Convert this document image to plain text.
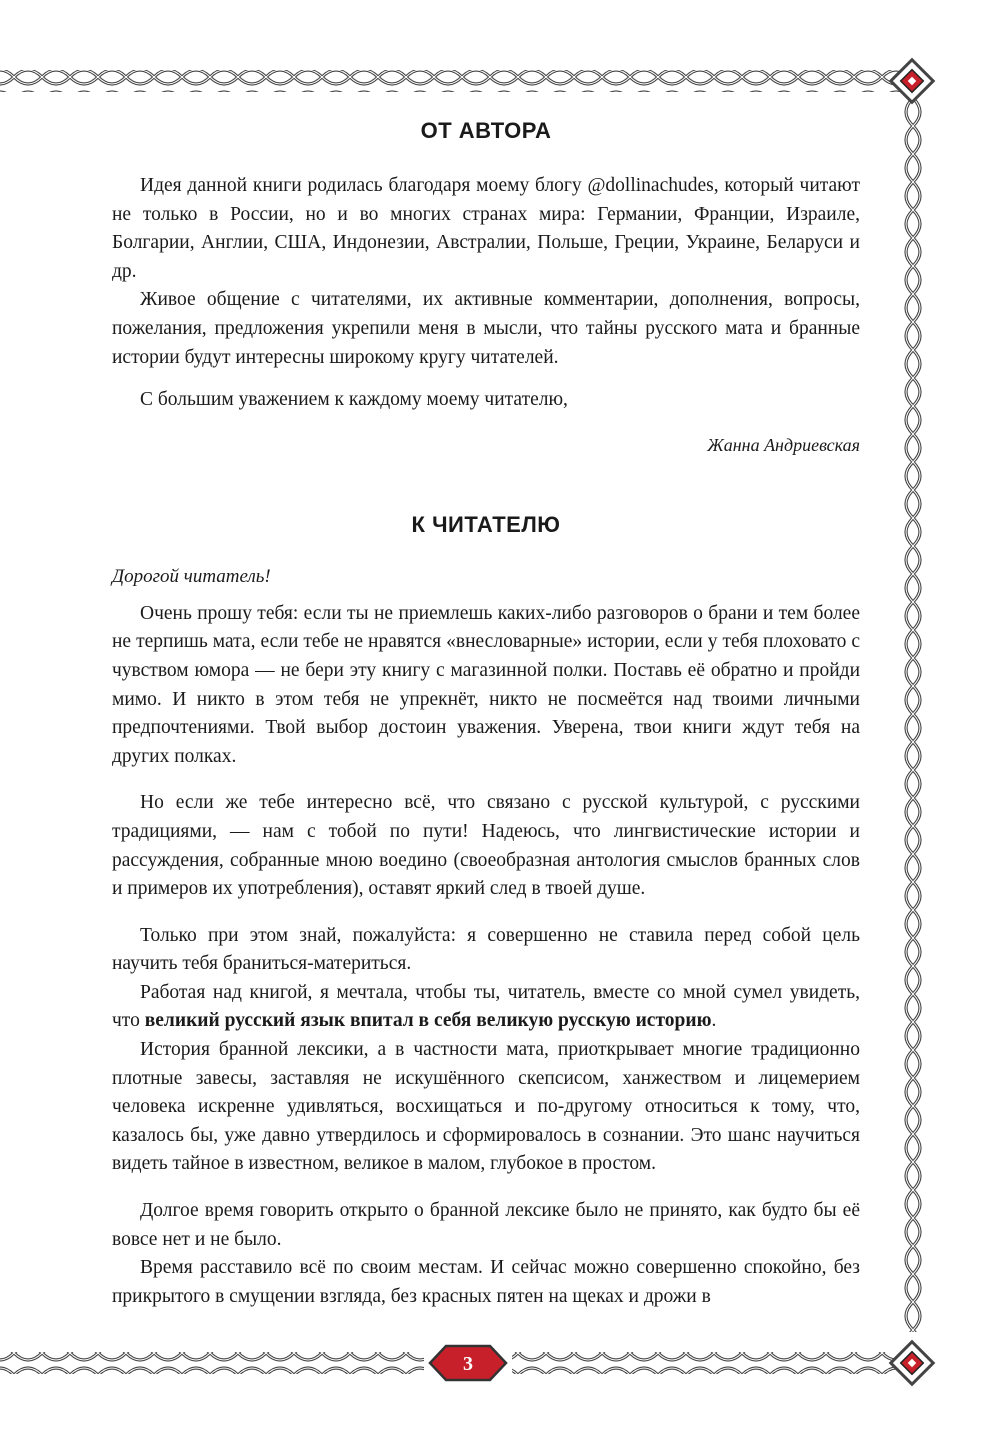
ОТ АВТОРА

Идея данной книги родилась благодаря моему блогу @dollinachudes, который читают не только в России, но и во многих странах мира: Германии, Франции, Израиле, Болгарии, Англии, США, Индонезии, Австралии, Польше, Греции, Украине, Беларуси и др.

Живое общение с читателями, их активные комментарии, дополнения, вопросы, пожелания, предложения укрепили меня в мысли, что тайны русского мата и бранные истории будут интересны широкому кругу читателей.

С большим уважением к каждому моему читателю,

Жанна Андриевская
К ЧИТАТЕЛЮ
Дорогой читатель!

Очень прошу тебя: если ты не приемлешь каких-либо разговоров о брани и тем более не терпишь мата, если тебе не нравятся «внесловарные» истории, если у тебя плоховато с чувством юмора — не бери эту книгу с магазинной полки. Поставь её обратно и пройди мимо. И никто в этом тебя не упрекнёт, никто не посмеётся над твоими личными предпочтениями. Твой выбор достоин уважения. Уверена, твои книги ждут тебя на других полках.

Но если же тебе интересно всё, что связано с русской культурой, с русскими традициями, — нам с тобой по пути! Надеюсь, что лингвистические истории и рассуждения, собранные мною воедино (своеобразная антология смыслов бранных слов и примеров их употребления), оставят яркий след в твоей душе.

Только при этом знай, пожалуйста: я совершенно не ставила перед собой цель научить тебя браниться-материться.

Работая над книгой, я мечтала, чтобы ты, читатель, вместе со мной сумел увидеть, что великий русский язык впитал в себя великую русскую историю.

История бранной лексики, а в частности мата, приоткрывает многие традиционно плотные завесы, заставляя не искушённого скепсисом, ханжеством и лицемерием человека искренне удивляться, восхищаться и по-другому относиться к тому, что, казалось бы, уже давно утвердилось и сформировалось в сознании. Это шанс научиться видеть тайное в известном, великое в малом, глубокое в простом.

Долгое время говорить открыто о бранной лексике было не принято, как будто бы её вовсе нет и не было.

Время расставило всё по своим местам. И сейчас можно совершенно спокойно, без прикрытого в смущении взгляда, без красных пятен на щеках и дрожи в

3
